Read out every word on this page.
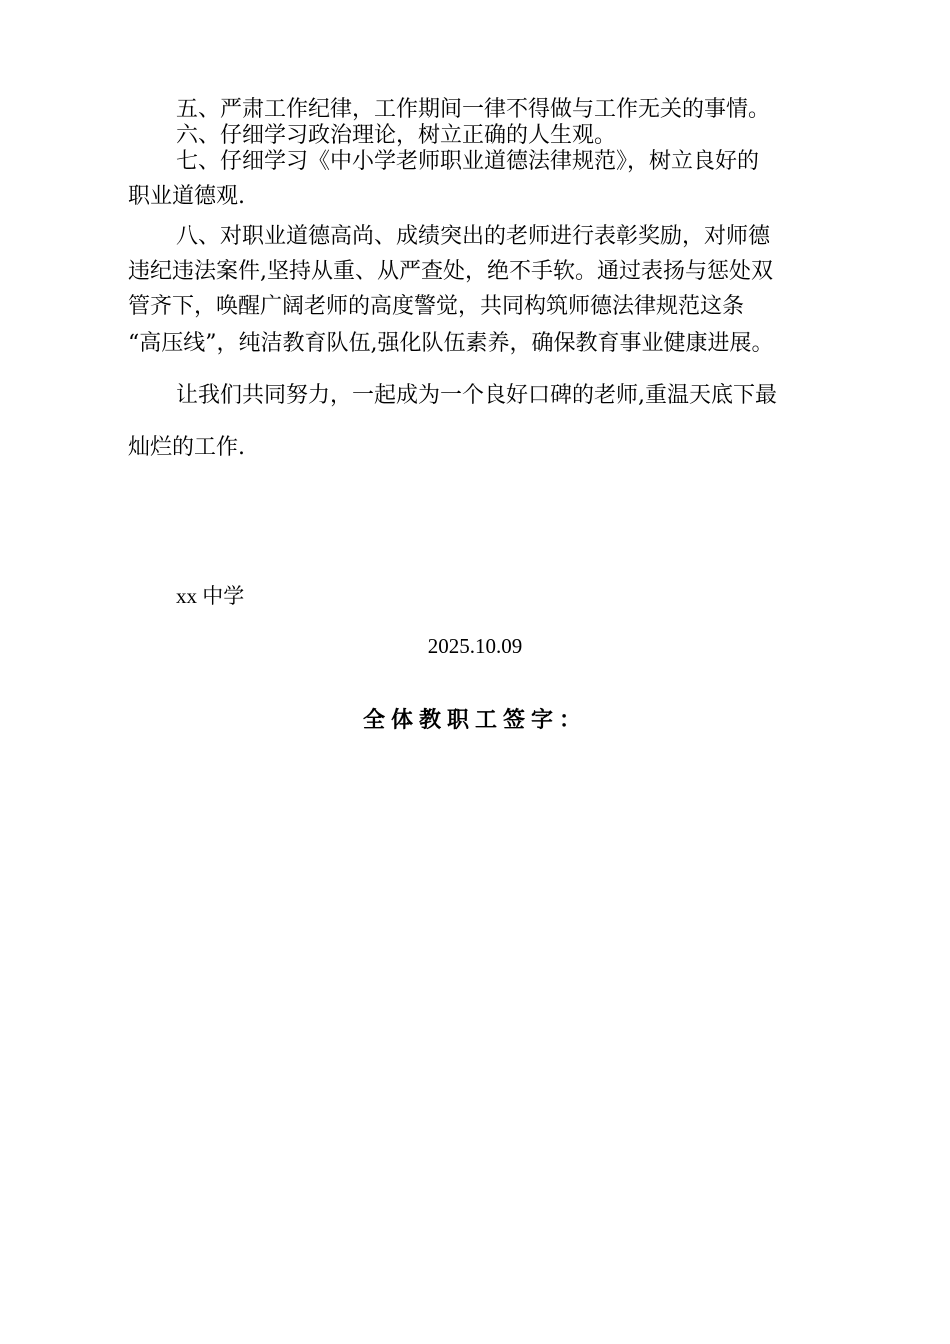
五、严肃工作纪律，工作期间一律不得做与工作无关的事情。
六、仔细学习政治理论，树立正确的人生观。
七、仔细学习《中小学老师职业道德法律规范》，树立良好的
职业道德观.
八、对职业道德高尚、成绩突出的老师进行表彰奖励，对师德
违纪违法案件,坚持从重、从严查处，绝不手软。通过表扬与惩处双
管齐下，唤醒广阔老师的高度警觉，共同构筑师德法律规范这条
“高压线”，纯洁教育队伍,强化队伍素养，确保教育事业健康进展。
让我们共同努力，一起成为一个良好口碑的老师,重温天底下最
灿烂的工作.
xx 中学
2025.10.09
全体教职工签字：
